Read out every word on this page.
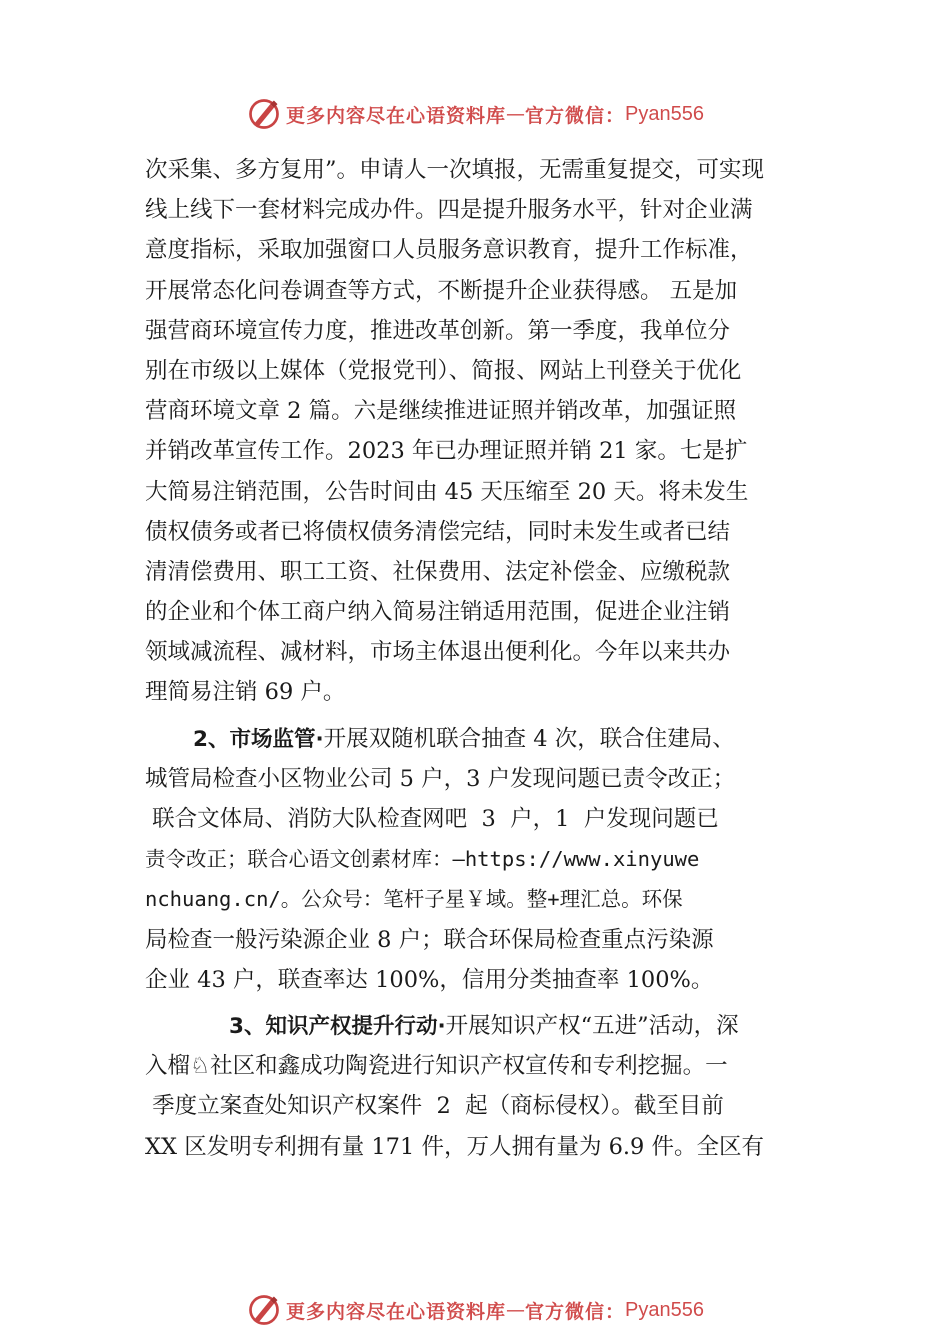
更多内容尽在心语资料库 — 官方微信： Pyan556
次采集、多方复用”。申请人一次填报，无需重复提交，可实现
线上线下一套材料完成办件。四是提升服务水平，针对企业满
意度指标，采取加强窗口人员服务意识教育，提升工作标准，
开展常态化问卷调查等方式，不断提升企业获得感。 五是加
强营商环境宣传力度，推进改革创新。第一季度，我单位分
别在市级以上媒体（党报党刊）、简报、网站上刊登关于优化
营商环境文章 2 篇。六是继续推进证照并销改革，加强证照
并销改革宣传工作。2023 年已办理证照并销 21 家。七是扩
大简易注销范围，公告时间由 45 天压缩至 20 天。将未发生
债权债务或者已将债权债务清偿完结，同时未发生或者已结
清清偿费用、职工工资、社保费用、法定补偿金、应缴税款
的企业和个体工商户纳入简易注销适用范围，促进企业注销
领域减流程、减材料，市场主体退出便利化。今年以来共办
理简易注销 69 户。
2、市场监管·开展双随机联合抽查 4 次，联合住建局、
城管局检查小区物业公司 5 户，3 户发现问题已责令改正；
联合文体局、消防大队检查网吧  3  户，1  户发现问题已
责令改正；联合心语文创素材库：—https://www.xinyuwe
nchuang.cn/。公众号：笔杆子星￥域。整+理汇总。环保
局检查一般污染源企业 8 户；联合环保局检查重点污染源
企业 43 户，联查率达 100%，信用分类抽查率 100%。
3、知识产权提升行动·开展知识产权“五进”活动，深
入榴♘社区和鑫成功陶瓷进行知识产权宣传和专利挖掘。一
季度立案查处知识产权案件  2  起（商标侵权）。截至目前
XX 区发明专利拥有量 171 件，万人拥有量为 6.9 件。全区有
更多内容尽在心语资料库 — 官方微信： Pyan556
